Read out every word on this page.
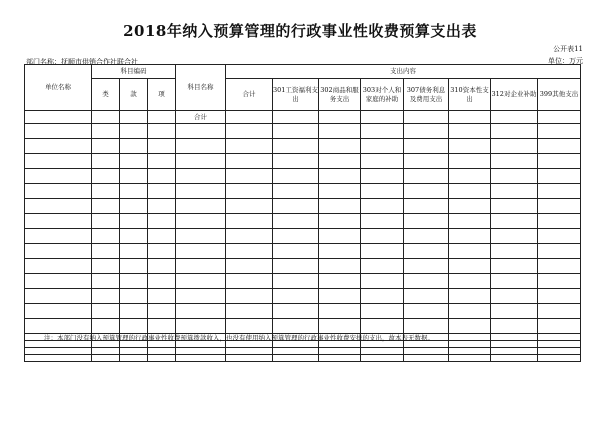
2018年纳入预算管理的行政事业性收费预算支出表
公开表11
部门名称：抚顺市供销合作社联合社	单位：万元
单位名称	科目编码			科目名称	支出内容							
	类	款	项		合计	301工资福利支出	302商品和服务支出	303对个人和家庭的补助	307债务利息及费用支出	310资本性支出	312对企业补助	399其他支出
				合计								

注：本部门没有纳入预算管理的行政事业性收费预算拨款收入，也没有使用纳入预算管理的行政事业性收费安排的支出，故本表无数据。
